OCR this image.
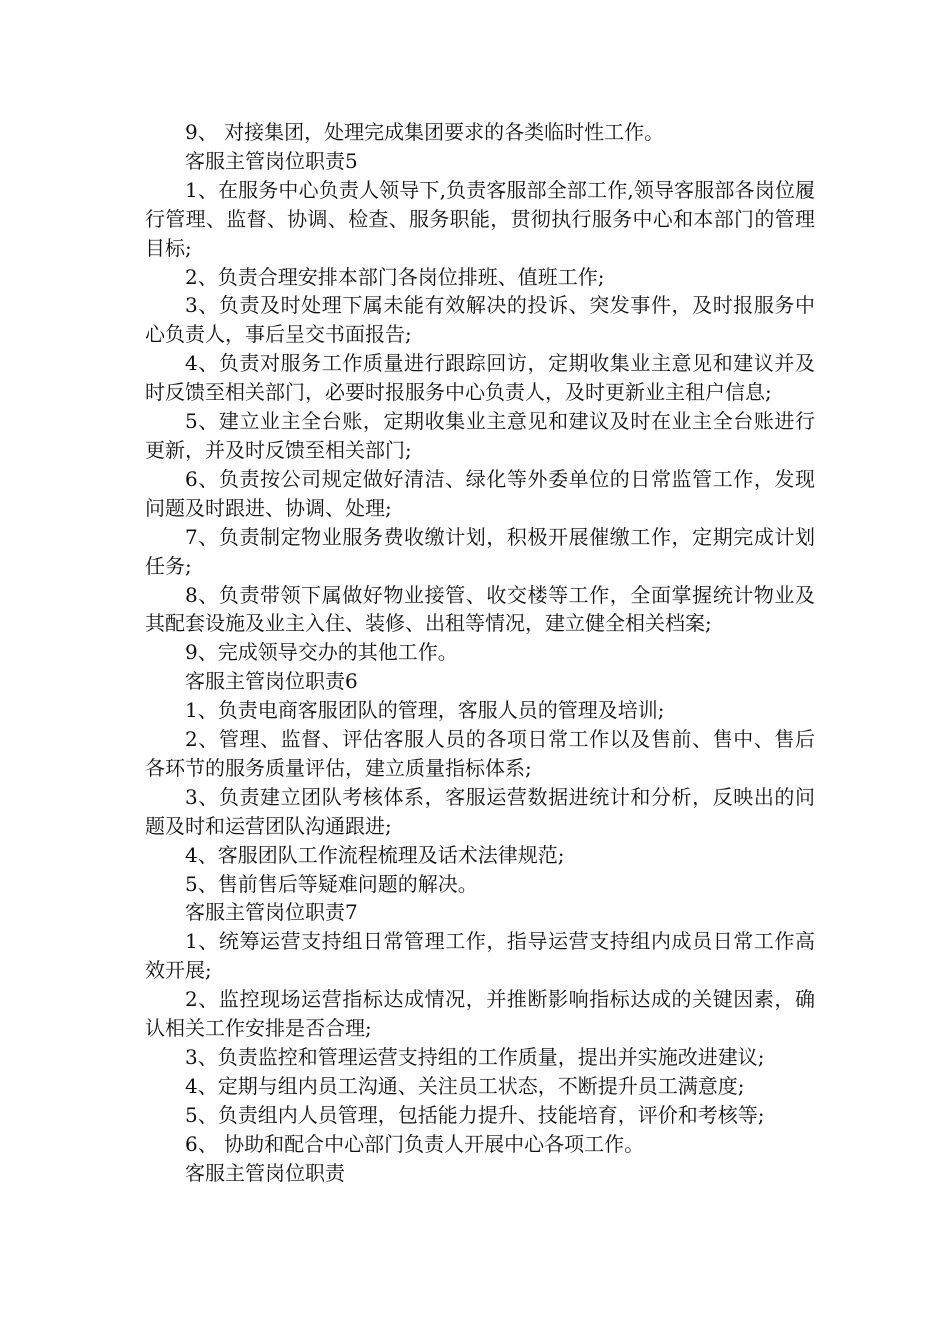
9、 对接集团，处理完成集团要求的各类临时性工作。

客服主管岗位职责5

1、在服务中心负责人领导下,负责客服部全部工作,领导客服部各岗位履行管理、监督、协调、检查、服务职能，贯彻执行服务中心和本部门的管理目标;

2、负责合理安排本部门各岗位排班、值班工作;

3、负责及时处理下属未能有效解决的投诉、突发事件，及时报服务中心负责人，事后呈交书面报告;

4、负责对服务工作质量进行跟踪回访，定期收集业主意见和建议并及时反馈至相关部门，必要时报服务中心负责人，及时更新业主租户信息;

5、建立业主全台账，定期收集业主意见和建议及时在业主全台账进行更新，并及时反馈至相关部门;

6、负责按公司规定做好清洁、绿化等外委单位的日常监管工作，发现问题及时跟进、协调、处理;

7、负责制定物业服务费收缴计划，积极开展催缴工作，定期完成计划任务;

8、负责带领下属做好物业接管、收交楼等工作，全面掌握统计物业及其配套设施及业主入住、装修、出租等情况，建立健全相关档案;

9、完成领导交办的其他工作。

客服主管岗位职责6

1、负责电商客服团队的管理，客服人员的管理及培训;

2、管理、监督、评估客服人员的各项日常工作以及售前、售中、售后各环节的服务质量评估，建立质量指标体系;

3、负责建立团队考核体系，客服运营数据进统计和分析，反映出的问题及时和运营团队沟通跟进;

4、客服团队工作流程梳理及话术法律规范;

5、售前售后等疑难问题的解决。

客服主管岗位职责7

1、统筹运营支持组日常管理工作，指导运营支持组内成员日常工作高效开展;

2、监控现场运营指标达成情况，并推断影响指标达成的关键因素，确认相关工作安排是否合理;

3、负责监控和管理运营支持组的工作质量，提出并实施改进建议;

4、定期与组内员工沟通、关注员工状态，不断提升员工满意度;

5、负责组内人员管理，包括能力提升、技能培育，评价和考核等;

6、 协助和配合中心部门负责人开展中心各项工作。

客服主管岗位职责
